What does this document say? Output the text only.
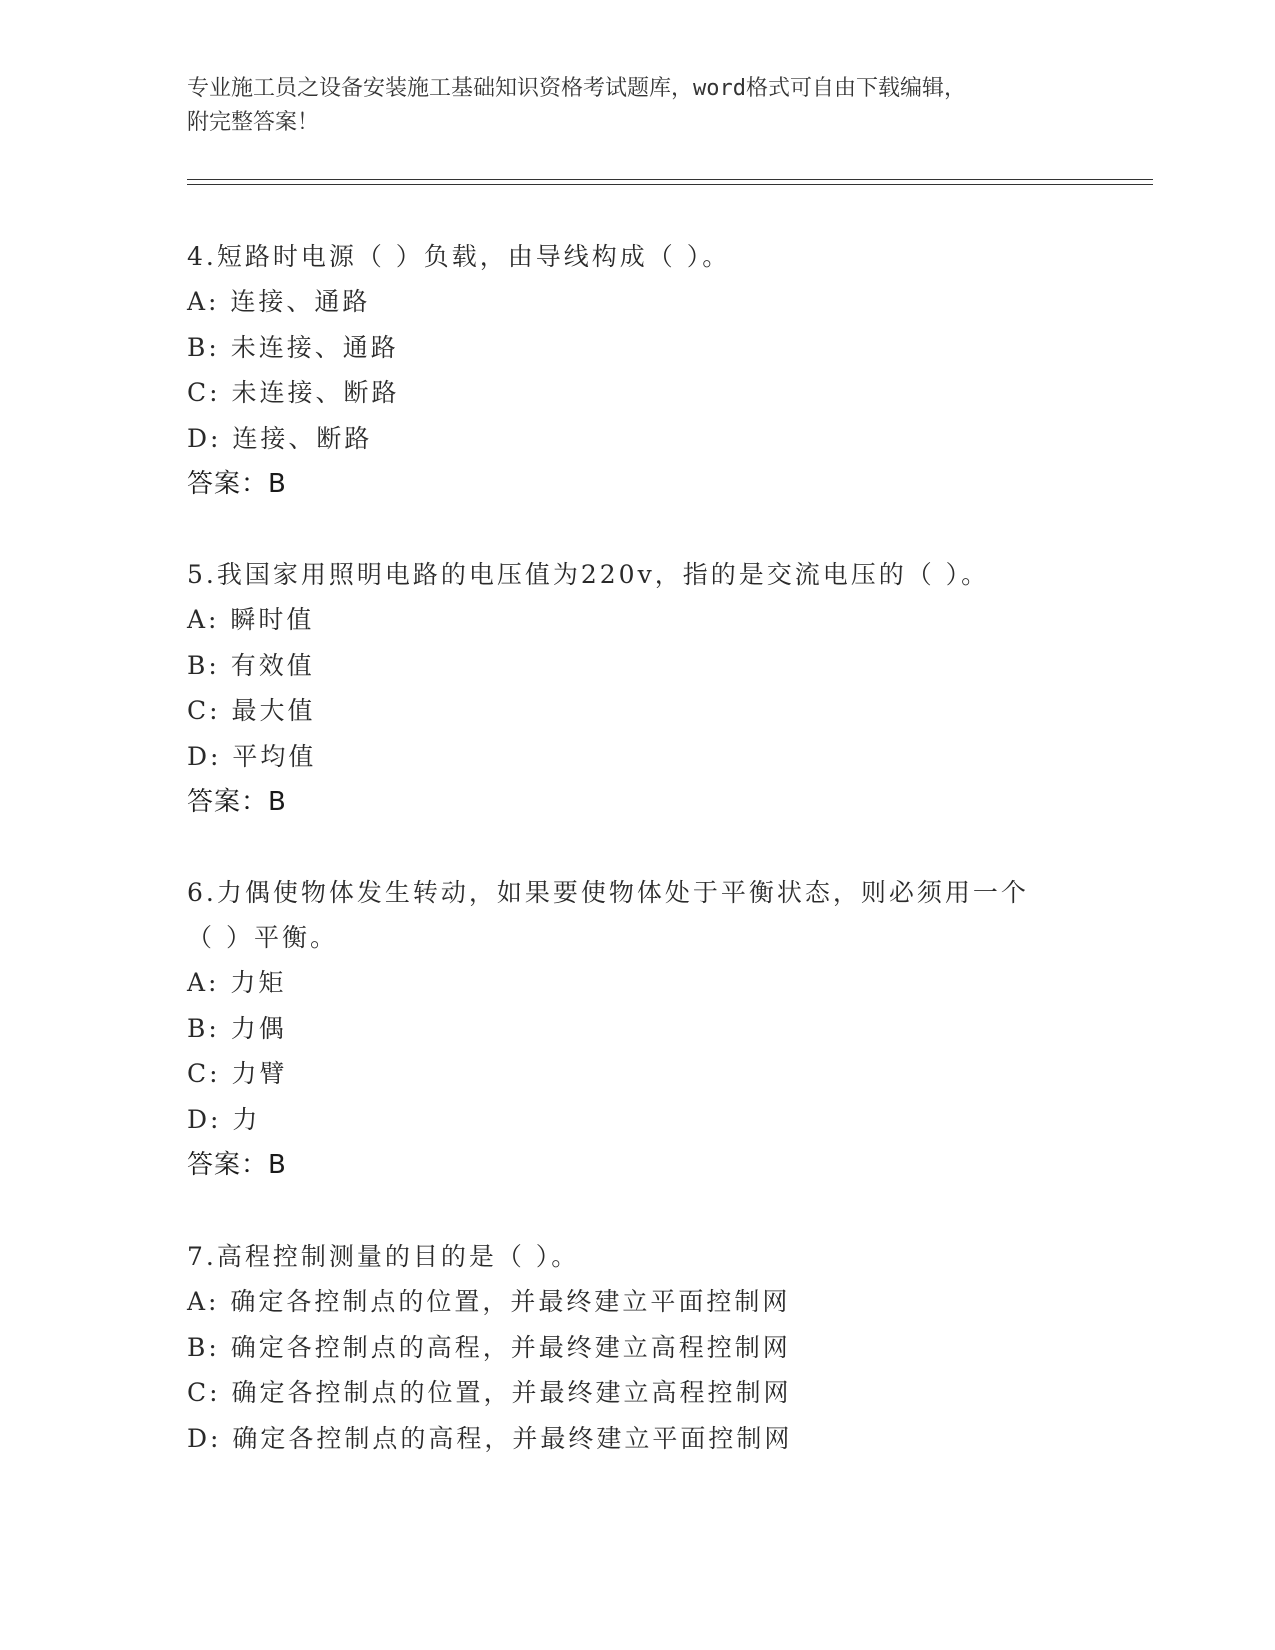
专业施工员之设备安装施工基础知识资格考试题库，word格式可自由下载编辑，
附完整答案！
4.短路时电源（ ）负载，由导线构成（ ）。
A: 连接、通路
B: 未连接、通路
C: 未连接、断路
D: 连接、断路
答案：B
5.我国家用照明电路的电压值为220v，指的是交流电压的（ ）。
A: 瞬时值
B: 有效值
C: 最大值
D: 平均值
答案：B
6.力偶使物体发生转动，如果要使物体处于平衡状态，则必须用一个
（ ）平衡。
A: 力矩
B: 力偶
C: 力臂
D: 力
答案：B
7.高程控制测量的目的是（ ）。
A: 确定各控制点的位置，并最终建立平面控制网
B: 确定各控制点的高程，并最终建立高程控制网
C: 确定各控制点的位置，并最终建立高程控制网
D: 确定各控制点的高程，并最终建立平面控制网
